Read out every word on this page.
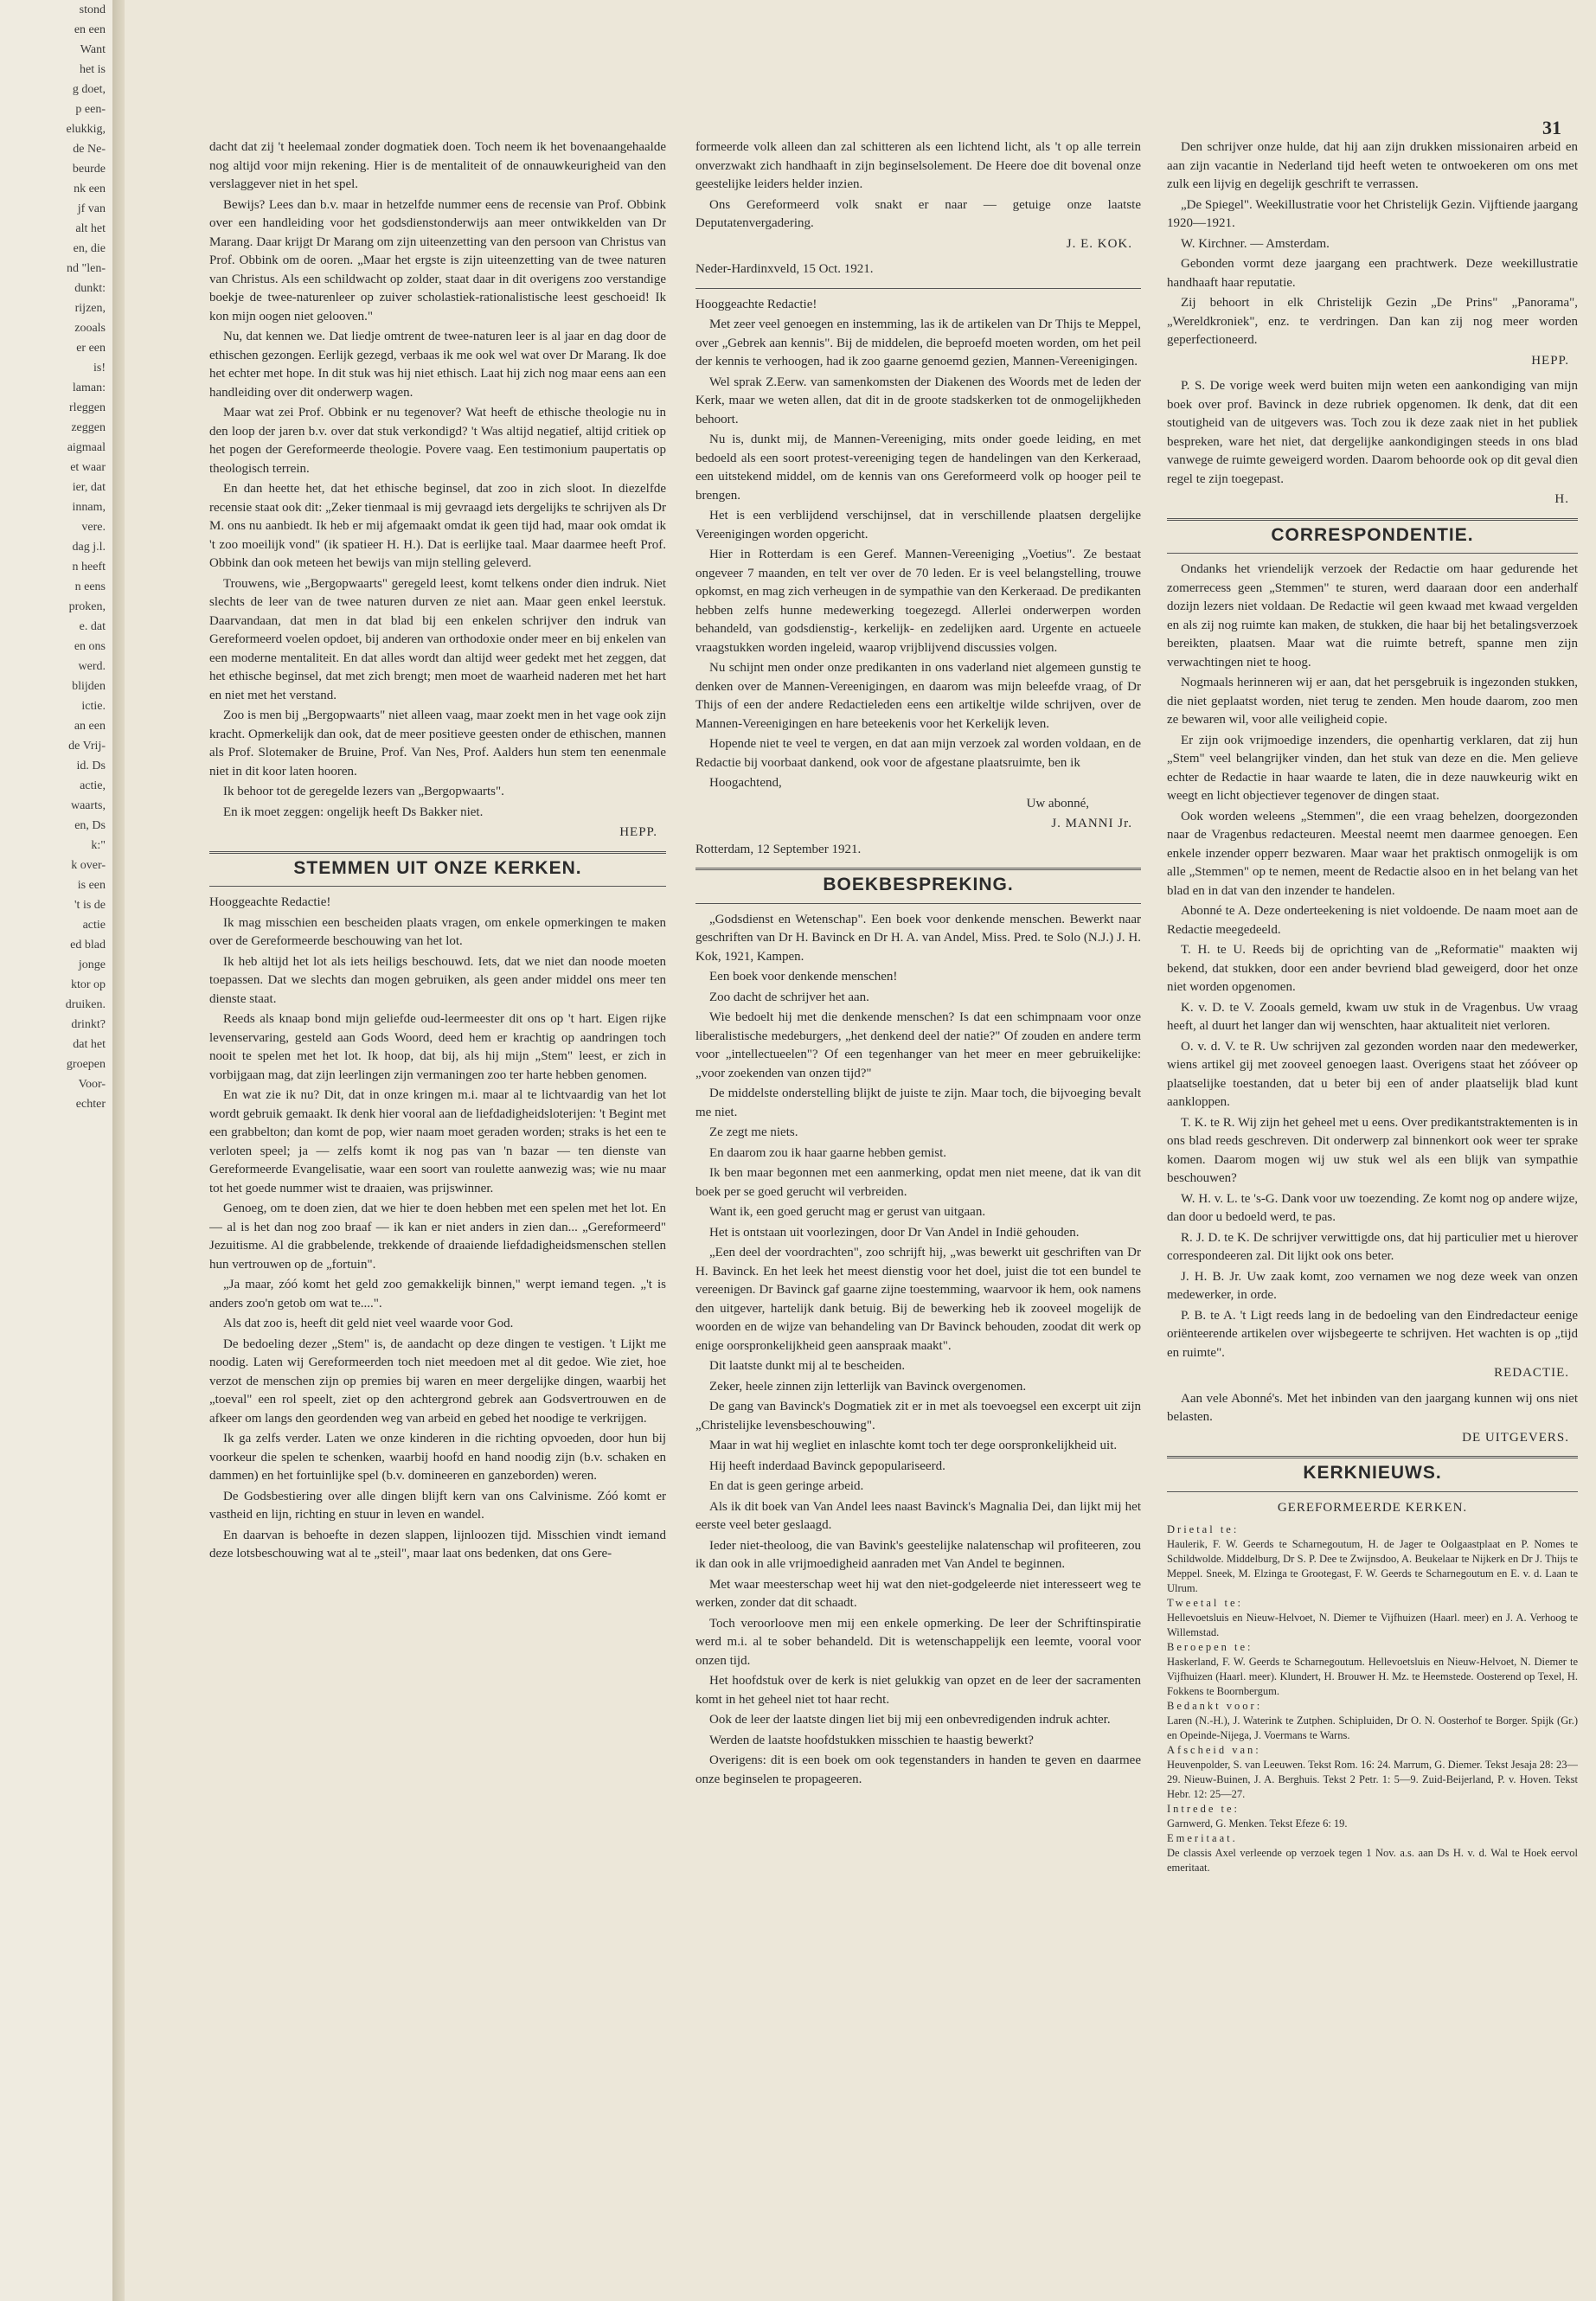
stond
en een
Want
het is
g doet,
p een-
elukkig,
de Ne-
beurde
nk een
jf van
alt het
en, die
nd "len-
dunkt:
rijzen,
zooals
er een
is!
laman:
rleggen
zeggen
aigmaal
et waar
ier, dat
innam,
vere.
dag j.l.
n heeft
n eens
proken,
e. dat
en ons
werd.
blijden
ictie.
an een
de Vrij-
id. Ds
actie,
waarts,
en, Ds
k:"
k over-
is een
't is de
actie
ed blad
jonge
ktor op
druiken.
drinkt?
dat het
groepen
Voor-
echter
31

dacht dat zij 't heelemaal zonder dogmatiek doen. Toch neem ik het bovenaangehaalde nog altijd voor mijn rekening. Hier is de mentaliteit of de onnauwkeurigheid van den verslaggever niet in het spel.

Bewijs? Lees dan b.v. maar in hetzelfde nummer eens de recensie van Prof. Obbink over een handleiding voor het godsdienstonderwijs aan meer ontwikkelden van Dr Marang. Daar krijgt Dr Marang om zijn uiteenzetting van den persoon van Christus van Prof. Obbink om de ooren. „Maar het ergste is zijn uiteenzetting van de twee naturen van Christus. Als een schildwacht op zolder, staat daar in dit overigens zoo verstandige boekje de twee-naturenleer op zuiver scholastiek-rationalistische leest geschoeid! Ik kon mijn oogen niet gelooven."

Nu, dat kennen we. Dat liedje omtrent de twee-naturen leer is al jaar en dag door de ethischen gezongen. Eerlijk gezegd, verbaas ik me ook wel wat over Dr Marang. Ik doe het echter met hope. In dit stuk was hij niet ethisch. Laat hij zich nog maar eens aan een handleiding over dit onderwerp wagen.

Maar wat zei Prof. Obbink er nu tegenover? Wat heeft de ethische theologie nu in den loop der jaren b.v. over dat stuk verkondigd? 't Was altijd negatief, altijd critiek op het pogen der Gereformeerde theologie. Povere vaag. Een testimonium paupertatis op theologisch terrein.

En dan heette het, dat het ethische beginsel, dat zoo in zich sloot. In diezelfde recensie staat ook dit: „Zeker tienmaal is mij gevraagd iets dergelijks te schrijven als Dr M. ons nu aanbiedt. Ik heb er mij afgemaakt omdat ik geen tijd had, maar ook omdat ik 't zoo moeilijk vond" (ik spatieer H. H.). Dat is eerlijke taal. Maar daarmee heeft Prof. Obbink dan ook meteen het bewijs van mijn stelling geleverd.

Trouwens, wie „Bergopwaarts" geregeld leest, komt telkens onder dien indruk. Niet slechts de leer van de twee naturen durven ze niet aan. Maar geen enkel leerstuk. Daarvandaan, dat men in dat blad bij een enkelen schrijver den indruk van Gereformeerd voelen opdoet, bij anderen van orthodoxie onder meer en bij enkelen van een moderne mentaliteit. En dat alles wordt dan altijd weer gedekt met het zeggen, dat het ethische beginsel, dat met zich brengt; men moet de waarheid naderen met het hart en niet met het verstand.

Zoo is men bij „Bergopwaarts" niet alleen vaag, maar zoekt men in het vage ook zijn kracht. Opmerkelijk dan ook, dat de meer positieve geesten onder de ethischen, mannen als Prof. Slotemaker de Bruine, Prof. Van Nes, Prof. Aalders hun stem ten eenenmale niet in dit koor laten hooren.

Ik behoor tot de geregelde lezers van „Bergopwaarts".

En ik moet zeggen: ongelijk heeft Ds Bakker niet.

HEPP.
STEMMEN UIT ONZE KERKEN.

Hooggeachte Redactie!

Ik mag misschien een bescheiden plaats vragen, om enkele opmerkingen te maken over de Gereformeerde beschouwing van het lot.

Ik heb altijd het lot als iets heiligs beschouwd. Iets, dat we niet dan noode moeten toepassen. Dat we slechts dan mogen gebruiken, als geen ander middel ons meer ten dienste staat.

Reeds als knaap bond mijn geliefde oud-leermeester dit ons op 't hart. Eigen rijke levenservaring, gesteld aan Gods Woord, deed hem er krachtig op aandringen toch nooit te spelen met het lot. Ik hoop, dat bij, als hij mijn „Stem" leest, er zich in vorbijgaan mag, dat zijn leerlingen zijn vermaningen zoo ter harte hebben genomen.

En wat zie ik nu? Dit, dat in onze kringen m.i. maar al te lichtvaardig van het lot wordt gebruik gemaakt. Ik denk hier vooral aan de liefdadigheidsloterijen: 't Begint met een grabbelton; dan komt de pop, wier naam moet geraden worden; straks is het een te verloten speel; ja — zelfs komt ik nog pas van 'n bazar — ten dienste van Gereformeerde Evangelisatie, waar een soort van roulette aanwezig was; wie nu maar tot het goede nummer wist te draaien, was prijswinner.

Genoeg, om te doen zien, dat we hier te doen hebben met een spelen met het lot. En — al is het dan nog zoo braaf — ik kan er niet anders in zien dan... „Gereformeerd" Jezuitisme. Al die grabbelende, trekkende of draaiende liefdadigheidsmenschen stellen hun vertrouwen op de „fortuin".

„Ja maar, zóó komt het geld zoo gemakkelijk binnen," werpt iemand tegen. „'t is anders zoo'n getob om wat te....".

Als dat zoo is, heeft dit geld niet veel waarde voor God.

De bedoeling dezer „Stem" is, de aandacht op deze dingen te vestigen. 't Lijkt me noodig. Laten wij Gereformeerden toch niet meedoen met al dit gedoe. Wie ziet, hoe verzot de menschen zijn op premies bij waren en meer dergelijke dingen, waarbij het „toeval" een rol speelt, ziet op den achtergrond gebrek aan Godsvertrouwen en de afkeer om langs den geordenden weg van arbeid en gebed het noodige te verkrijgen.

Ik ga zelfs verder. Laten we onze kinderen in die richting opvoeden, door hun bij voorkeur die spelen te schenken, waarbij hoofd en hand noodig zijn (b.v. schaken en dammen) en het fortuinlijke spel (b.v. domineeren en ganzeborden) weren.

De Godsbestiering over alle dingen blijft kern van ons Calvinisme. Zóó komt er vastheid en lijn, richting en stuur in leven en wandel.

En daarvan is behoefte in dezen slappen, lijnloozen tijd. Misschien vindt iemand deze lotsbeschouwing wat al te „steil", maar laat ons bedenken, dat ons Gere-

formeerde volk alleen dan zal schitteren als een lichtend licht, als 't op alle terrein onverzwakt zich handhaaft in zijn beginselsolement. De Heere doe dit bovenal onze geestelijke leiders helder inzien.

Ons Gereformeerd volk snakt er naar — getuige onze laatste Deputatenvergadering.

J. E. KOK.

Neder-Hardinxveld, 15 Oct. 1921.

Hooggeachte Redactie!

Met zeer veel genoegen en instemming, las ik de artikelen van Dr Thijs te Meppel, over „Gebrek aan kennis". Bij de middelen, die beproefd moeten worden, om het peil der kennis te verhoogen, had ik zoo gaarne genoemd gezien, Mannen-Vereenigingen.

Wel sprak Z.Eerw. van samenkomsten der Diakenen des Woords met de leden der Kerk, maar we weten allen, dat dit in de groote stadskerken tot de onmogelijkheden behoort.

Nu is, dunkt mij, de Mannen-Vereeniging, mits onder goede leiding, en met bedoeld als een soort protest-vereeniging tegen de handelingen van den Kerkeraad, een uitstekend middel, om de kennis van ons Gereformeerd volk op hooger peil te brengen.

Het is een verblijdend verschijnsel, dat in verschillende plaatsen dergelijke Vereenigingen worden opgericht.

Hier in Rotterdam is een Geref. Mannen-Vereeniging „Voetius". Ze bestaat ongeveer 7 maanden, en telt ver over de 70 leden. Er is veel belangstelling, trouwe opkomst, en mag zich verheugen in de sympathie van den Kerkeraad. De predikanten hebben zelfs hunne medewerking toegezegd. Allerlei onderwerpen worden behandeld, van godsdienstig-, kerkelijk- en zedelijken aard. Urgente en actueele vraagstukken worden ingeleid, waarop vrijblijvend discussies volgen.

Nu schijnt men onder onze predikanten in ons vaderland niet algemeen gunstig te denken over de Mannen-Vereenigingen, en daarom was mijn beleefde vraag, of Dr Thijs of een der andere Redactieleden eens een artikeltje wilde schrijven, over de Mannen-Vereenigingen en hare beteekenis voor het Kerkelijk leven.

Hopende niet te veel te vergen, en dat aan mijn verzoek zal worden voldaan, en de Redactie bij voorbaat dankend, ook voor de afgestane plaatsruimte, ben ik

Hoogachtend,

Uw abonné,
J. MANNI Jr.

Rotterdam, 12 September 1921.

BOEKBESPREKING.

„Godsdienst en Wetenschap". Een boek voor denkende menschen. Bewerkt naar geschriften van Dr H. Bavinck en Dr H. A. van Andel, Miss. Pred. te Solo (N.J.) J. H. Kok, 1921, Kampen.

Een boek voor denkende menschen!

Zoo dacht de schrijver het aan.

Wie bedoelt hij met die denkende menschen? Is dat een schimpnaam voor onze liberalistische medeburgers, „het denkend deel der natie?" Of zouden en andere term voor „intellectueelen"? Of een tegenhanger van het meer en meer gebruikelijke: „voor zoekenden van onzen tijd?"

De middelste onderstelling blijkt de juiste te zijn. Maar toch, die bijvoeging bevalt me niet.

Ze zegt me niets.

En daarom zou ik haar gaarne hebben gemist.

Ik ben maar begonnen met een aanmerking, opdat men niet meene, dat ik van dit boek per se goed gerucht wil verbreiden.

Want ik, een goed gerucht mag er gerust van uitgaan.

Het is ontstaan uit voorlezingen, door Dr Van Andel in Indië gehouden.

„Een deel der voordrachten", zoo schrijft hij, „was bewerkt uit geschriften van Dr H. Bavinck. En het leek het meest dienstig voor het doel, juist die tot een bundel te vereenigen. Dr Bavinck gaf gaarne zijne toestemming, waarvoor ik hem, ook namens den uitgever, hartelijk dank betuig. Bij de bewerking heb ik zooveel mogelijk de woorden en de wijze van behandeling van Dr Bavinck behouden, zoodat dit werk op enige oorspronkelijkheid geen aanspraak maakt".

Dit laatste dunkt mij al te bescheiden.

Zeker, heele zinnen zijn letterlijk van Bavinck overgenomen.

De gang van Bavinck's Dogmatiek zit er in met als toevoegsel een excerpt uit zijn „Christelijke levensbeschouwing".

Maar in wat hij wegliet en inlaschte komt toch ter dege oorspronkelijkheid uit.

Hij heeft inderdaad Bavinck gepopulariseerd.

En dat is geen geringe arbeid.

Als ik dit boek van Van Andel lees naast Bavinck's Magnalia Dei, dan lijkt mij het eerste veel beter geslaagd.

Ieder niet-theoloog, die van Bavink's geestelijke nalatenschap wil profiteeren, zou ik dan ook in alle vrijmoedigheid aanraden met Van Andel te beginnen.

Met waar meesterschap weet hij wat den niet-godgeleerde niet interesseert weg te werken, zonder dat dit schaadt.

Toch veroorloove men mij een enkele opmerking. De leer der Schriftinspiratie werd m.i. al te sober behandeld. Dit is wetenschappelijk een leemte, vooral voor onzen tijd.

Het hoofdstuk over de kerk is niet gelukkig van opzet en de leer der sacramenten komt in het geheel niet tot haar recht.

Ook de leer der laatste dingen liet bij mij een onbevredigenden indruk achter.

Werden de laatste hoofdstukken misschien te haastig bewerkt?

Overigens: dit is een boek om ook tegenstanders in handen te geven en daarmee onze beginselen te propageeren.

Den schrijver onze hulde, dat hij aan zijn drukken missionairen arbeid en aan zijn vacantie in Nederland tijd heeft weten te ontwoekeren om ons met zulk een lijvig en degelijk geschrift te verrassen.

„De Spiegel". Weekillustratie voor het Christelijk Gezin. Vijftiende jaargang 1920—1921.

W. Kirchner. — Amsterdam.

Gebonden vormt deze jaargang een prachtwerk. Deze weekillustratie handhaaft haar reputatie.

Zij behoort in elk Christelijk Gezin „De Prins" „Panorama", „Wereldkroniek", enz. te verdringen. Dan kan zij nog meer worden geperfectioneerd.

HEPP.

P. S. De vorige week werd buiten mijn weten een aankondiging van mijn boek over prof. Bavinck in deze rubriek opgenomen. Ik denk, dat dit een stoutigheid van de uitgevers was. Toch zou ik deze zaak niet in het publiek bespreken, ware het niet, dat dergelijke aankondigingen steeds in ons blad vanwege de ruimte geweigerd worden. Daarom behoorde ook op dit geval dien regel te zijn toegepast.

H.
CORRESPONDENTIE.

Ondanks het vriendelijk verzoek der Redactie om haar gedurende het zomerrecess geen „Stemmen" te sturen, werd daaraan door een anderhalf dozijn lezers niet voldaan. De Redactie wil geen kwaad met kwaad vergelden en als zij nog ruimte kan maken, de stukken, die haar bij het betalingsverzoek bereikten, plaatsen. Maar wat die ruimte betreft, spanne men zijn verwachtingen niet te hoog.

Nogmaals herinneren wij er aan, dat het persgebruik is ingezonden stukken, die niet geplaatst worden, niet terug te zenden. Men houde daarom, zoo men ze bewaren wil, voor alle veiligheid copie.

Er zijn ook vrijmoedige inzenders, die openhartig verklaren, dat zij hun „Stem" veel belangrijker vinden, dan het stuk van deze en die. Men gelieve echter de Redactie in haar waarde te laten, die in deze nauwkeurig wikt en weegt en licht objectiever tegenover de dingen staat.

Ook worden weleens „Stemmen", die een vraag behelzen, doorgezonden naar de Vragenbus redacteuren. Meestal neemt men daarmee genoegen. Een enkele inzender opperr bezwaren. Maar waar het praktisch onmogelijk is om alle „Stemmen" op te nemen, meent de Redactie alsoo en in het belang van het blad en in dat van den inzender te handelen.

Abonné te A. Deze onderteekening is niet voldoende. De naam moet aan de Redactie meegedeeld.

T. H. te U. Reeds bij de oprichting van de „Reformatie" maakten wij bekend, dat stukken, door een ander bevriend blad geweigerd, door het onze niet worden opgenomen.

K. v. D. te V. Zooals gemeld, kwam uw stuk in de Vragenbus. Uw vraag heeft, al duurt het langer dan wij wenschten, haar aktualiteit niet verloren.

O. v. d. V. te R. Uw schrijven zal gezonden worden naar den medewerker, wiens artikel gij met zooveel genoegen laast. Overigens staat het zóóveer op plaatselijke toestanden, dat u beter bij een of ander plaatselijk blad kunt aankloppen.

T. K. te R. Wij zijn het geheel met u eens. Over predikantstraktementen is in ons blad reeds geschreven. Dit onderwerp zal binnenkort ook weer ter sprake komen. Daarom mogen wij uw stuk wel als een blijk van sympathie beschouwen?

W. H. v. L. te 's-G. Dank voor uw toezending. Ze komt nog op andere wijze, dan door u bedoeld werd, te pas.

R. J. D. te K. De schrijver verwittigde ons, dat hij particulier met u hierover correspondeeren zal. Dit lijkt ook ons beter.

J. H. B. Jr. Uw zaak komt, zoo vernamen we nog deze week van onzen medewerker, in orde.

P. B. te A. 't Ligt reeds lang in de bedoeling van den Eindredacteur eenige oriënteerende artikelen over wijsbegeerte te schrijven. Het wachten is op „tijd en ruimte".

REDACTIE.

Aan vele Abonné's. Met het inbinden van den jaargang kunnen wij ons niet belasten.

DE UITGEVERS.
KERKNIEUWS.
GEREFORMEERDE KERKEN.
Drietal te:
Haulerik, F. W. Geerds te Scharnegoutum, H. de Jager te Oolgaastplaat en P. Nomes te Schildwolde. Middelburg, Dr S. P. Dee te Zwijnsdoo, A. Beukelaar te Nijkerk en Dr J. Thijs te Meppel. Sneek, M. Elzinga te Grootegast, F. W. Geerds te Scharnegoutum en E. v. d. Laan te Ulrum.
Tweetal te:
Hellevoetsluis en Nieuw-Helvoet, N. Diemer te Vijfhuizen (Haarl. meer) en J. A. Verhoog te Willemstad.
Beroepen te:
Haskerland, F. W. Geerds te Scharnegoutum. Hellevoetsluis en Nieuw-Helvoet, N. Diemer te Vijfhuizen (Haarl. meer). Klundert, H. Brouwer H. Mz. te Heemstede. Oosterend op Texel, H. Fokkens te Boornbergum.
Bedankt voor:
Laren (N.-H.), J. Waterink te Zutphen. Schipluiden, Dr O. N. Oosterhof te Borger. Spijk (Gr.) en Opeinde-Nijega, J. Voermans te Warns.
Afscheid van:
Heuvenpolder, S. van Leeuwen. Tekst Rom. 16: 24. Marrum, G. Diemer. Tekst Jesaja 28: 23—29. Nieuw-Buinen, J. A. Berghuis. Tekst 2 Petr. 1: 5—9. Zuid-Beijerland, P. v. Hoven. Tekst Hebr. 12: 25—27.
Intrede te:
Garnwerd, G. Menken. Tekst Efeze 6: 19.
Emeritaat.
De classis Axel verleende op verzoek tegen 1 Nov. a.s. aan Ds H. v. d. Wal te Hoek eervol emeritaat.
